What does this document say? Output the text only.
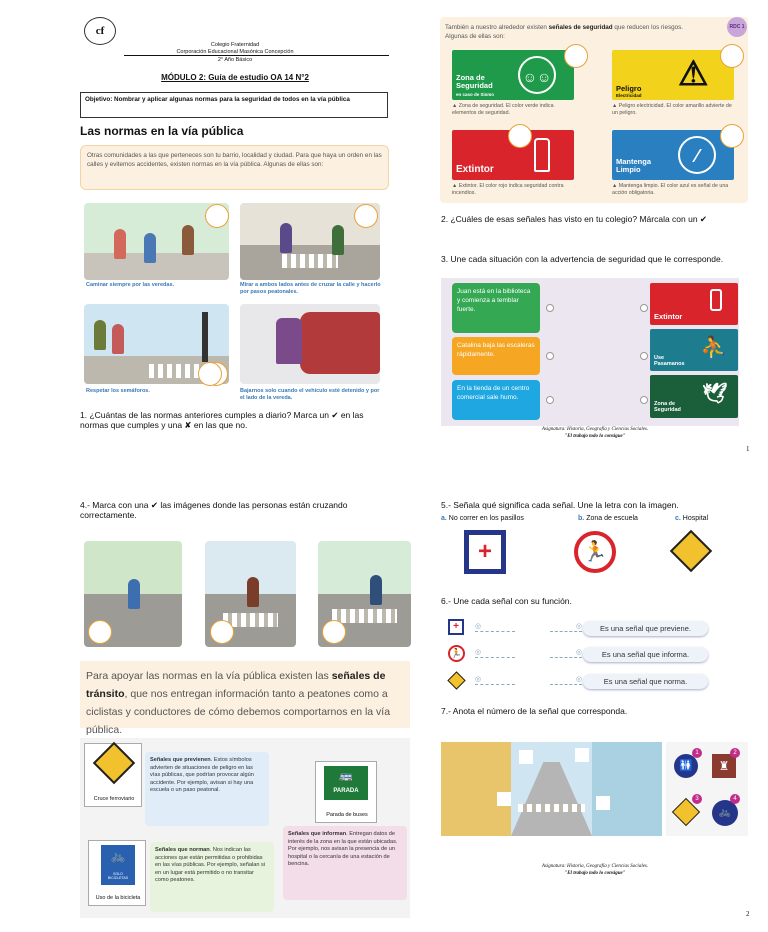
cf
Colegio Fraternidad
Corporación Educacional Masónica Concepción
2° Año Básico
MÓDULO 2: Guía de estudio OA 14 N°2
Objetivo: Nombrar y aplicar algunas normas para la seguridad de todos en la vía pública
Las normas en la vía pública
Otras comunidades a las que perteneces son tu barrio, localidad y ciudad. Para que haya un orden en las calles y evitemos accidentes, existen normas en la vía pública. Algunas de ellas son:
Caminar siempre por las veredas.	Mirar a ambos lados antes de cruzar la calle y hacerlo por pasos peatonales.
Respetar los semáforos.	Bajarnos solo cuando el vehículo esté detenido y por el lado de la vereda.
1. ¿Cuántas de las normas anteriores cumples a diario? Marca un ✔ en las normas que cumples y una ✘ en las que no.
También a nuestro alrededor existen señales de seguridad que reducen los riesgos. Algunas de ellas son:
RDC 1
Zona de Seguridad
en caso de Sismo
☺☺
▲ Zona de seguridad. El color verde indica elementos de seguridad.
Peligro
Electricidad
⚠
▲ Peligro electricidad. El color amarillo advierte de un peligro.
Extintor
▲ Extintor. El color rojo indica seguridad contra incendios.
Mantenga Limpio
⁄
▲ Mantenga limpio. El color azul es señal de una acción obligatoria.
2. ¿Cuáles de esas señales has visto en tu colegio? Márcala con un ✔
3. Une cada situación con la advertencia de seguridad que le corresponde.
Juan está en la biblioteca y comienza a temblar fuerte.
Catalina baja las escaleras rápidamente.
En la tienda de un centro comercial sale humo.
Extintor
Use Pasamanos
⛹
Zona de Seguridad
🕊
Asignatura: Historia, Geografía y Ciencias Sociales.
"El trabajo todo lo consigue"
1
4.- Marca con una ✔ las imágenes donde las personas están cruzando correctamente.
Para apoyar las normas en la vía pública existen las señales de tránsito, que nos entregan información tanto a peatones como a ciclistas y conductores de cómo debemos comportarnos en la vía pública.
Cruce ferroviario
Señales que previenen. Estos símbolos advierten de situaciones de peligro en las vías públicas, que podrían provocar algún accidente. Por ejemplo, avisan si hay una escuela o un paso peatonal.
🚲
SOLO BICICLETAS
Uso de la bicicleta
Señales que norman. Nos indican las acciones que están permitidas o prohibidas en las vías públicas. Por ejemplo, señalan si en un lugar está permitido o no transitar como peatones.
🚌
PARADA
Parada de buses
Señales que informan. Entregan datos de interés de la zona en la que están ubicadas. Por ejemplo, nos avisan la presencia de un hospital o la cercanía de una estación de bencina.
5.- Señala qué significa cada señal. Une la letra con la imagen.
a. No correr en los pasillos	b. Zona de escuela	c. Hospital
+	🏃
6.- Une cada señal con su función.
+
🏃
◎
◎
◎
◎
◎
◎
Es una señal que previene.
Es una señal que informa.
Es una señal que norma.
7.- Anota el número de la señal que corresponda.
🚻
1
♜
2
3
🚲
4
Asignatura: Historia, Geografía y Ciencias Sociales.
"El trabajo todo lo consigue"
2
